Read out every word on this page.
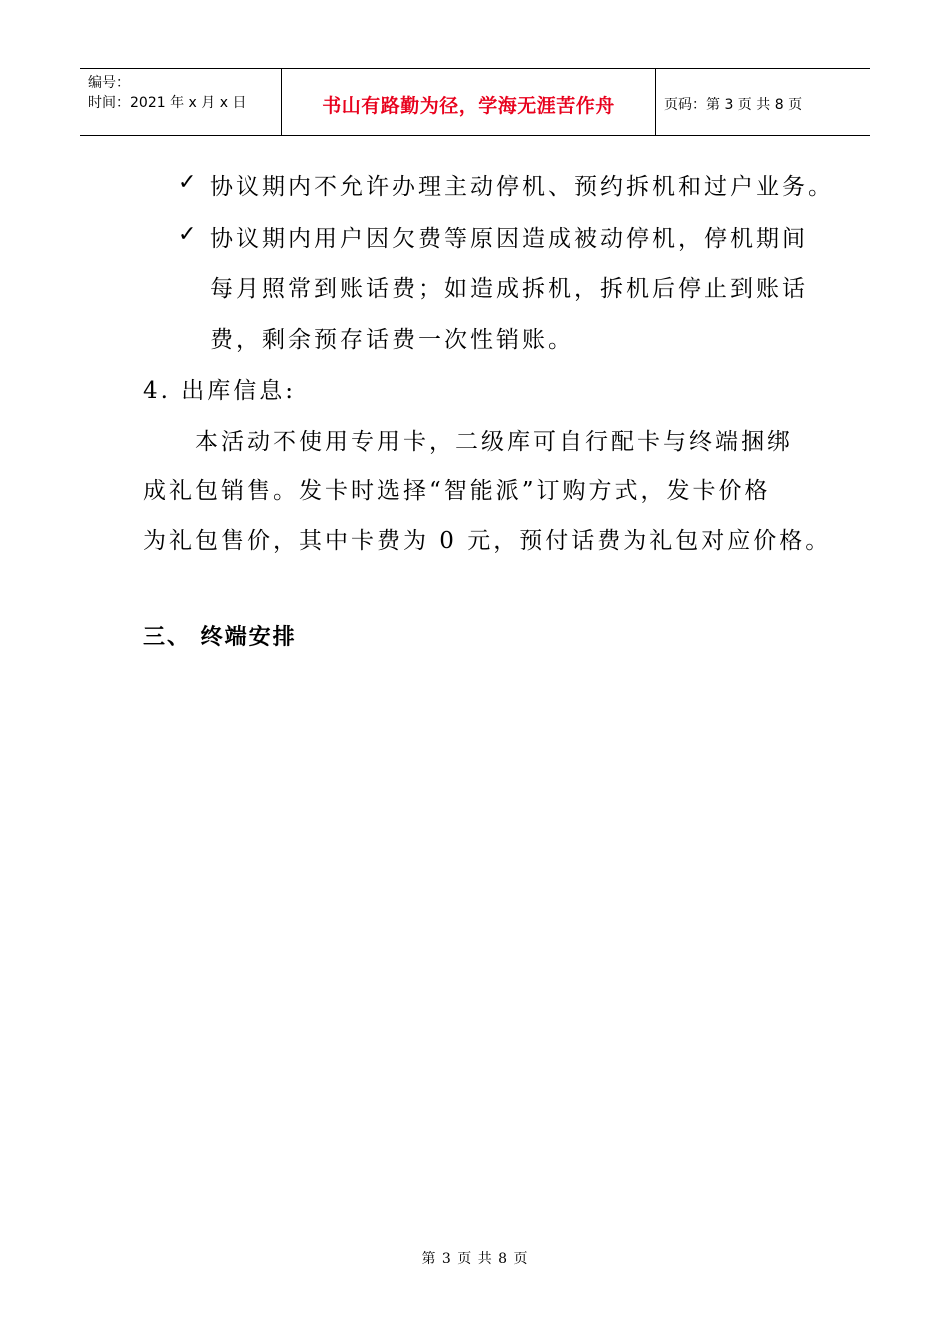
编号：
时间：2021 年 x 月 x 日	书山有路勤为径，学海无涯苦作舟	页码：第 3 页 共 8 页
✓ 协议期内不允许办理主动停机、预约拆机和过户业务。
✓ 协议期内用户因欠费等原因造成被动停机，停机期间
每月照常到账话费；如造成拆机，拆机后停止到账话
费，剩余预存话费一次性销账。
4. 出库信息:
本活动不使用专用卡，二级库可自行配卡与终端捆绑
成礼包销售。发卡时选择“智能派”订购方式，发卡价格
为礼包售价，其中卡费为 0 元，预付话费为礼包对应价格。
三、 终端安排
第 3 页 共 8 页
